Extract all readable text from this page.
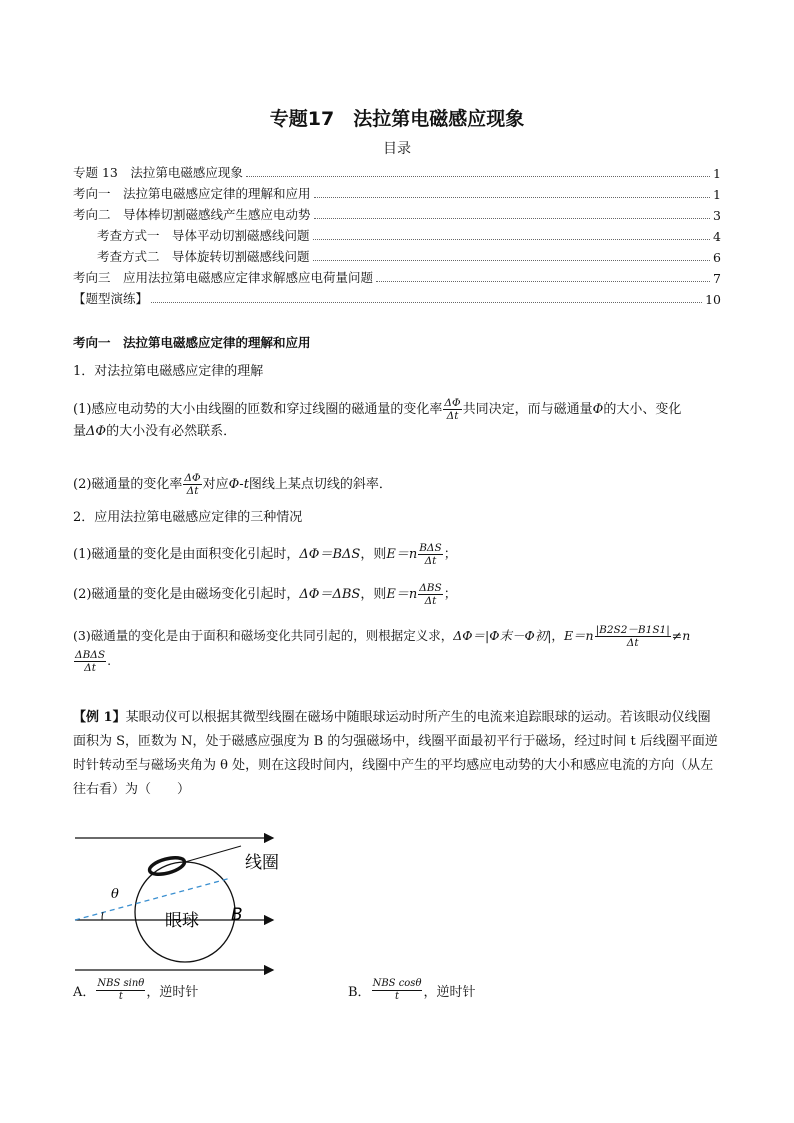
专题17　法拉第电磁感应现象
目录
专题 13　法拉第电磁感应现象	1
考向一　法拉第电磁感应定律的理解和应用	1
考向二　导体棒切割磁感线产生感应电动势	3
考查方式一　导体平动切割磁感线问题	4
考查方式二　导体旋转切割磁感线问题	6
考向三　应用法拉第电磁感应定律求解感应电荷量问题	7
【题型演练】	10
考向一　法拉第电磁感应定律的理解和应用
1．对法拉第电磁感应定律的理解
(1)感应电动势的大小由线圈的匝数和穿过线圈的磁通量的变化率 $\frac{\Delta\Phi}{\Delta t}$ 共同决定，而与磁通量Φ的大小、变化
量ΔΦ的大小没有必然联系．
(2)磁通量的变化率 $\frac{\Delta\Phi}{\Delta t}$ 对应Φ-t图线上某点切线的斜率．
2．应用法拉第电磁感应定律的三种情况
(1)磁通量的变化是由面积变化引起时，ΔΦ＝BΔS，则$E=n \frac{\text{BΔS}}{\Delta t}$ ；
(2)磁通量的变化是由磁场变化引起时，ΔΦ＝ΔBS，则$E=n \frac{\text{ΔBS}}{\Delta t}$ ；
(3)磁通量的变化是由于面积和磁场变化共同引起的，则根据定义求，ΔΦ＝|Φ末－Φ初|，$E=n \frac{|B2S2-B1S1|}{\Delta t} \ne n$

$\frac{\text{ΔBΔS}}{\Delta t}$ .
【例 1】某眼动仪可以根据其微型线圈在磁场中随眼球运动时所产生的电流来追踪眼球的运动。若该眼动仪线圈面积为 S，匝数为 N，处于磁感应强度为 B 的匀强磁场中，线圈平面最初平行于磁场，经过时间 t 后线圈平面逆时针转动至与磁场夹角为 θ 处，则在这段时间内，线圈中产生的平均感应电动势的大小和感应电流的方向（从左往右看）为（　　）
θ
线圈
眼球 B
A． $\frac{\text{NBS sinθ}}{t}$ ，逆时针	B． $\frac{\text{NBS cosθ}}{t}$ ，逆时针
